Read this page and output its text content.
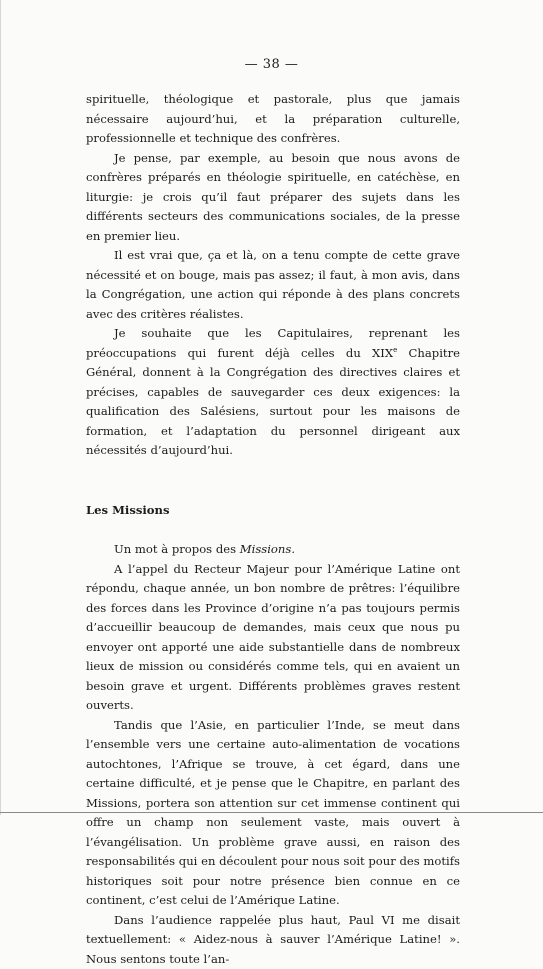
— 38 —

spirituelle, théologique et pastorale, plus que jamais nécessaire aujourd’hui, et la préparation culturelle, professionnelle et technique des confrères.

Je pense, par exemple, au besoin que nous avons de confrères préparés en théologie spirituelle, en catéchèse, en liturgie: je crois qu’il faut préparer des sujets dans les différents secteurs des communications sociales, de la presse en premier lieu.

Il est vrai que, ça et là, on a tenu compte de cette grave nécessité et on bouge, mais pas assez; il faut, à mon avis, dans la Congrégation, une action qui réponde à des plans concrets avec des critères réalistes.

Je souhaite que les Capitulaires, reprenant les préoccupations qui furent déjà celles du XIXe Chapitre Général, donnent à la Congrégation des directives claires et précises, capables de sauvegarder ces deux exigences: la qualification des Salésiens, surtout pour les maisons de formation, et l’adaptation du personnel dirigeant aux nécessités d’aujourd’hui.

Les Missions

Un mot à propos des Missions.

A l’appel du Recteur Majeur pour l’Amérique Latine ont répondu, chaque année, un bon nombre de prêtres: l’équilibre des forces dans les Province d’origine n’a pas toujours permis d’accueillir beaucoup de demandes, mais ceux que nous pu envoyer ont apporté une aide substantielle dans de nombreux lieux de mission ou considérés comme tels, qui en avaient un besoin grave et urgent. Différents problèmes graves restent ouverts.

Tandis que l’Asie, en particulier l’Inde, se meut dans l’ensemble vers une certaine auto-alimentation de vocations autochtones, l’Afrique se trouve, à cet égard, dans une certaine difficulté, et je pense que le Chapitre, en parlant des Missions, portera son attention sur cet immense continent qui offre un champ non seulement vaste, mais ouvert à l’évangélisation. Un problème grave aussi, en raison des responsabilités qui en découlent pour nous soit pour des motifs historiques soit pour notre présence bien connue en ce continent, c’est celui de l’Amérique Latine.

Dans l’audience rappelée plus haut, Paul VI me disait textuellement: « Aidez-nous à sauver l’Amérique Latine! ». Nous sentons toute l’an-
